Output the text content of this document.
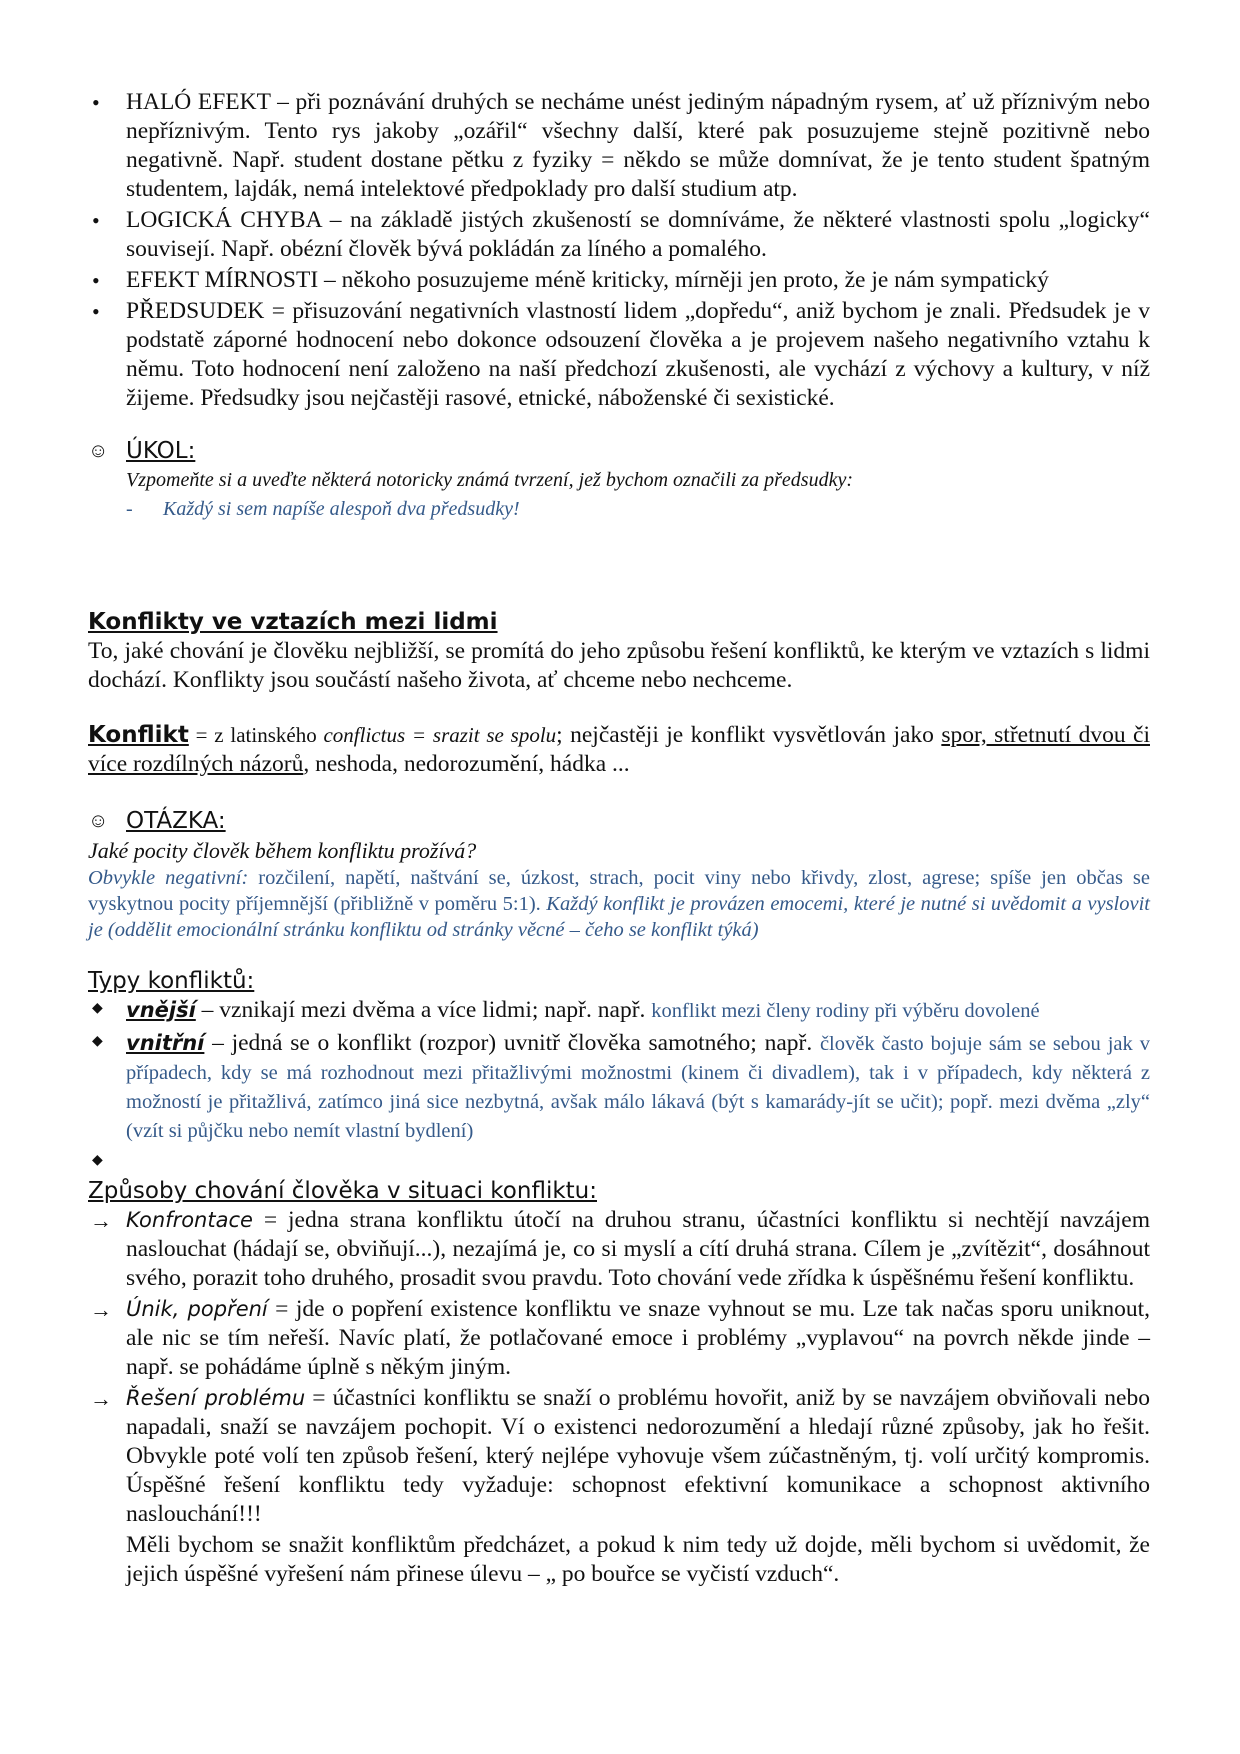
• HALÓ EFEKT – při poznávání druhých se necháme unést jediným nápadným rysem, ať už příznivým nebo nepříznivým. Tento rys jakoby „ozářil“ všechny další, které pak posuzujeme stejně pozitivně nebo negativně. Např. student dostane pětku z fyziky = někdo se může domnívat, že je tento student špatným studentem, lajdák, nemá intelektové předpoklady pro další studium atp.
• LOGICKÁ CHYBA – na základě jistých zkušeností se domníváme, že některé vlastnosti spolu „logicky“ souvisejí. Např. obézní člověk bývá pokládán za líného a pomalého.
• EFEKT MÍRNOSTI – někoho posuzujeme méně kriticky, mírněji jen proto, že je nám sympatický
• PŘEDSUDEK = přisuzování negativních vlastností lidem „dopředu“, aniž bychom je znali. Předsudek je v podstatě záporné hodnocení nebo dokonce odsouzení člověka a je projevem našeho negativního vztahu k němu. Toto hodnocení není založeno na naší předchozí zkušenosti, ale vychází z výchovy a kultury, v níž žijeme. Předsudky jsou nejčastěji rasové, etnické, náboženské či sexistické.
☺ ÚKOL:
Vzpomeňte si a uveďte některá notoricky známá tvrzení, jež bychom označili za předsudky:
-	Každý si sem napíše alespoň dva předsudky!
Konflikty ve vztazích mezi lidmi
To, jaké chování je člověku nejbližší, se promítá do jeho způsobu řešení konfliktů, ke kterým ve vztazích s lidmi dochází. Konflikty jsou součástí našeho života, ať chceme nebo nechceme.
Konflikt = z latinského conflictus = srazit se spolu; nejčastěji je konflikt vysvětlován jako spor, střetnutí dvou či více rozdílných názorů, neshoda, nedorozumění, hádka ...
☺ OTÁZKA:
Jaké pocity člověk během konfliktu prožívá?
Obvykle negativní: rozčilení, napětí, naštvání se, úzkost, strach, pocit viny nebo křivdy, zlost, agrese; spíše jen občas se vyskytnou pocity příjemnější (přibližně v poměru 5:1). Každý konflikt je provázen emocemi, které je nutné si uvědomit a vyslovit je (oddělit emocionální stránku konfliktu od stránky věcné – čeho se konflikt týká)
Typy konfliktů:
◆ vnější – vznikají mezi dvěma a více lidmi; např. např. konflikt mezi členy rodiny při výběru dovolené
◆ vnitřní – jedná se o konflikt (rozpor) uvnitř člověka samotného; např. člověk často bojuje sám se sebou jak v případech, kdy se má rozhodnout mezi přitažlivými možnostmi (kinem či divadlem), tak i v případech, kdy některá z možností je přitažlivá, zatímco jiná sice nezbytná, avšak málo lákavá (být s kamarády-jít se učit); popř. mezi dvěma „zly“ (vzít si půjčku nebo nemít vlastní bydlení)
◆
Způsoby chování člověka v situaci konfliktu:
→ Konfrontace = jedna strana konfliktu útočí na druhou stranu, účastníci konfliktu si nechtějí navzájem naslouchat (hádají se, obviňují...), nezajímá je, co si myslí a cítí druhá strana. Cílem je „zvítězit“, dosáhnout svého, porazit toho druhého, prosadit svou pravdu. Toto chování vede zřídka k úspěšnému řešení konfliktu.
→ Únik, popření = jde o popření existence konfliktu ve snaze vyhnout se mu. Lze tak načas sporu uniknout, ale nic se tím neřeší. Navíc platí, že potlačované emoce i problémy „vyplavou“ na povrch někde jinde – např. se pohádáme úplně s někým jiným.
→ Řešení problému = účastníci konfliktu se snaží o problému hovořit, aniž by se navzájem obviňovali nebo napadali, snaží se navzájem pochopit. Ví o existenci nedorozumění a hledají různé způsoby, jak ho řešit. Obvykle poté volí ten způsob řešení, který nejlépe vyhovuje všem zúčastněným, tj. volí určitý kompromis. Úspěšné řešení konfliktu tedy vyžaduje: schopnost efektivní komunikace a schopnost aktivního naslouchání!!!
Měli bychom se snažit konfliktům předcházet, a pokud k nim tedy už dojde, měli bychom si uvědomit, že jejich úspěšné vyřešení nám přinese úlevu – „ po bouřce se vyčistí vzduch“.
